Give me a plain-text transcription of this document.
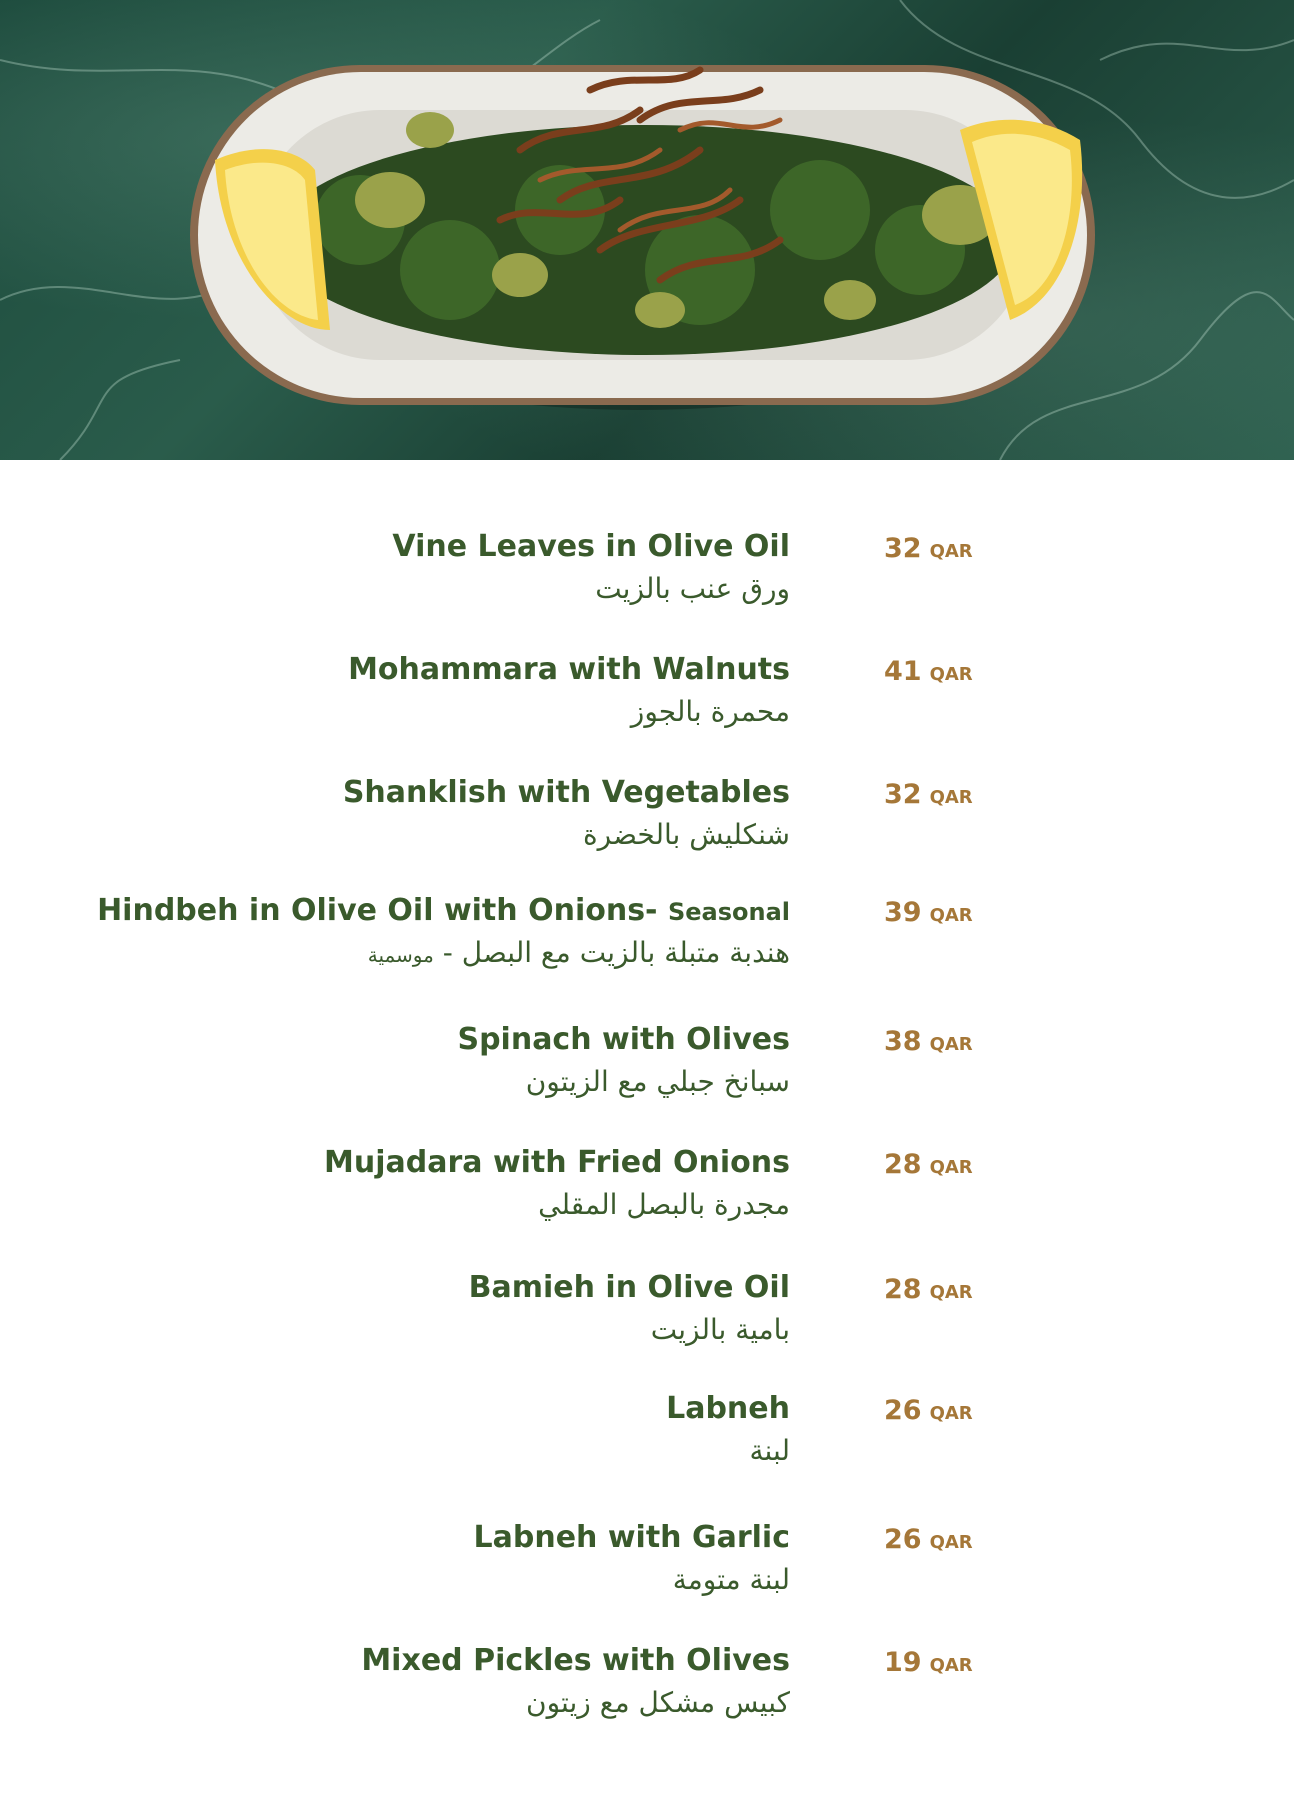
Vine Leaves in Olive Oil
ورق عنب بالزيت
32 QAR
Mohammara with Walnuts
محمرة بالجوز
41 QAR
Shanklish with Vegetables
شنكليش بالخضرة
32 QAR
Hindbeh in Olive Oil with Onions- Seasonal
هندبة متبلة بالزيت مع البصل - موسمية
39 QAR
Spinach with Olives
سبانخ جبلي مع الزيتون
38 QAR
Mujadara with Fried Onions
مجدرة بالبصل المقلي
28 QAR
Bamieh in Olive Oil
بامية بالزيت
28 QAR
Labneh
لبنة
26 QAR
Labneh with Garlic
لبنة متومة
26 QAR
Mixed Pickles with Olives
كبيس مشكل مع زيتون
19 QAR
